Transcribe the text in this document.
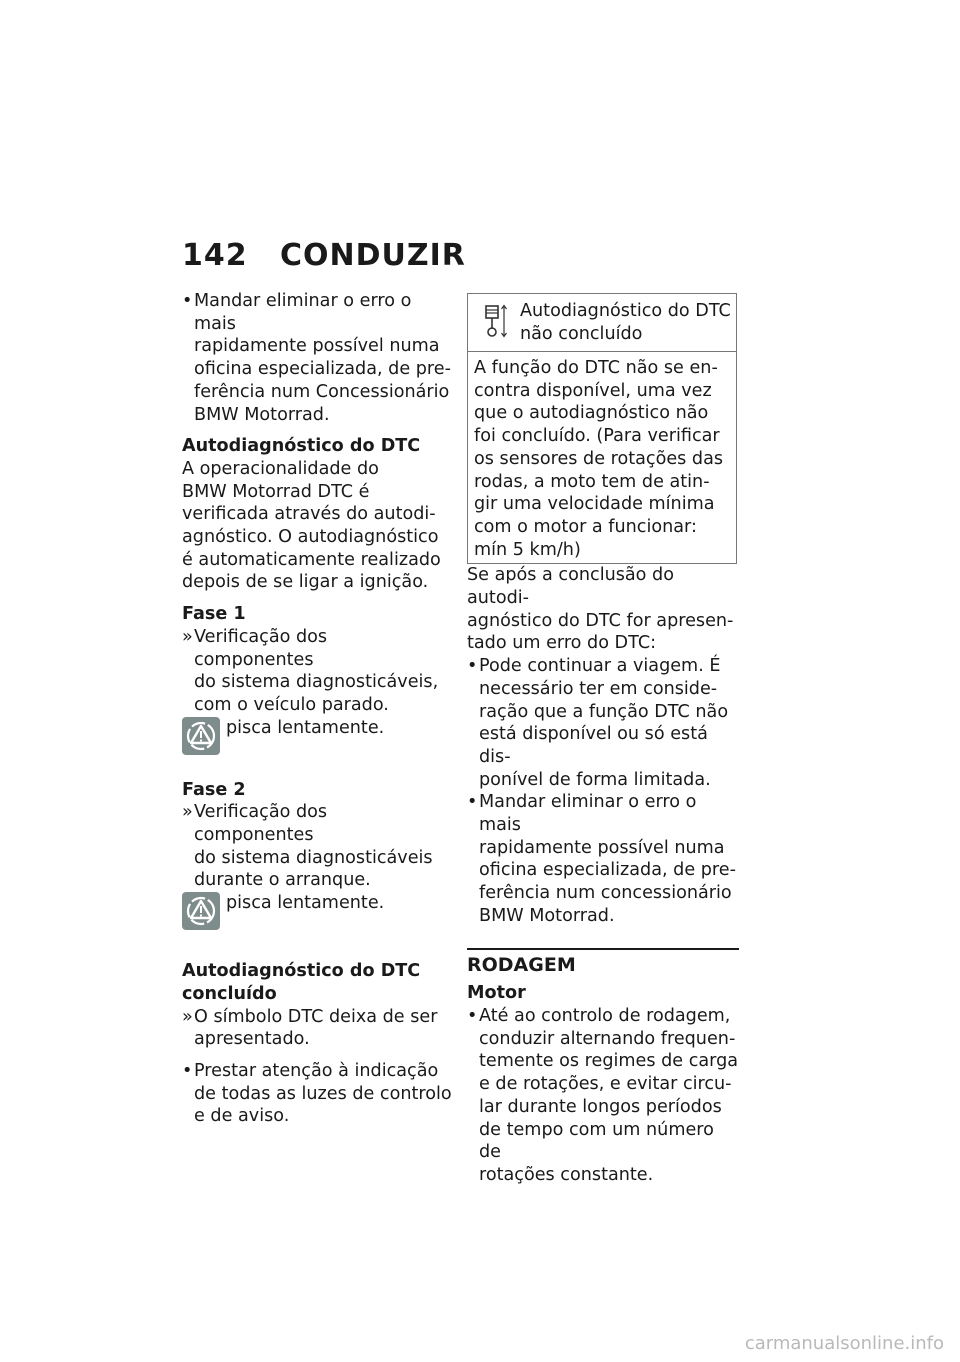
142 CONDUZIR

• Mandar eliminar o erro o mais

rapidamente possível numa

oficina especializada, de pre-

ferência num Concessionário

BMW Motorrad.

Autodiagnóstico do DTC

A operacionalidade do

BMW Motorrad DTC é

verificada através do autodi-

agnóstico. O autodiagnóstico

é automaticamente realizado

depois de se ligar a ignição.

Fase 1

» Verificação dos componentes

do sistema diagnosticáveis,

com o veículo parado.

pisca lentamente.

Fase 2

» Verificação dos componentes

do sistema diagnosticáveis

durante o arranque.

pisca lentamente.

Autodiagnóstico do DTC

concluído

» O símbolo DTC deixa de ser

apresentado.

• Prestar atenção à indicação

de todas as luzes de controlo

e de aviso.

Autodiagnóstico do DTC

não concluído

A função do DTC não se en-

contra disponível, uma vez

que o autodiagnóstico não

foi concluído. (Para verificar

os sensores de rotações das

rodas, a moto tem de atin-

gir uma velocidade mínima

com o motor a funcionar:

mín 5 km/h)

Se após a conclusão do autodi-

agnóstico do DTC for apresen-

tado um erro do DTC:

• Pode continuar a viagem. É

necessário ter em conside-

ração que a função DTC não

está disponível ou só está dis-

ponível de forma limitada.

• Mandar eliminar o erro o mais

rapidamente possível numa

oficina especializada, de pre-

ferência num concessionário

BMW Motorrad.

RODAGEM

Motor

• Até ao controlo de rodagem,

conduzir alternando frequen-

temente os regimes de carga

e de rotações, e evitar circu-

lar durante longos períodos

de tempo com um número de

rotações constante.

carmanualsonline.info
